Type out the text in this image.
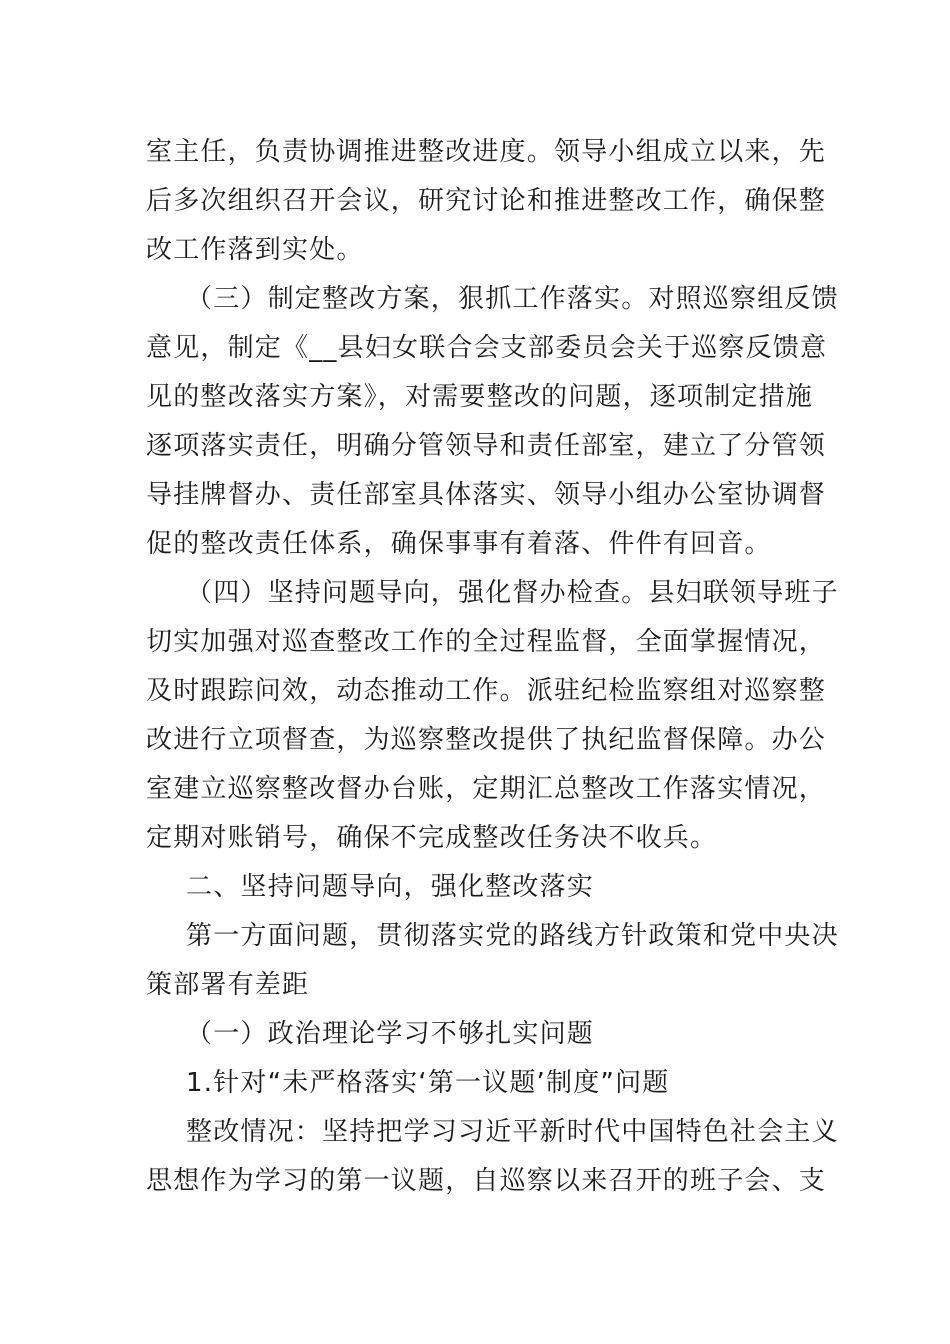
室主任，负责协调推进整改进度。领导小组成立以来，先
后多次组织召开会议，研究讨论和推进整改工作，确保整
改工作落到实处。
（三）制定整改方案，狠抓工作落实。对照巡察组反馈
意见，制定《__县妇女联合会支部委员会关于巡察反馈意
见的整改落实方案》，对需要整改的问题，逐项制定措施
逐项落实责任，明确分管领导和责任部室，建立了分管领
导挂牌督办、责任部室具体落实、领导小组办公室协调督
促的整改责任体系，确保事事有着落、件件有回音。
（四）坚持问题导向，强化督办检查。县妇联领导班子
切实加强对巡查整改工作的全过程监督，全面掌握情况，
及时跟踪问效，动态推动工作。派驻纪检监察组对巡察整
改进行立项督查，为巡察整改提供了执纪监督保障。办公
室建立巡察整改督办台账，定期汇总整改工作落实情况，
定期对账销号，确保不完成整改任务决不收兵。
二、坚持问题导向，强化整改落实
第一方面问题，贯彻落实党的路线方针政策和党中央决
策部署有差距
（一）政治理论学习不够扎实问题
1.针对“未严格落实‘第一议题’制度”问题
整改情况：坚持把学习习近平新时代中国特色社会主义
思想作为学习的第一议题，自巡察以来召开的班子会、支
